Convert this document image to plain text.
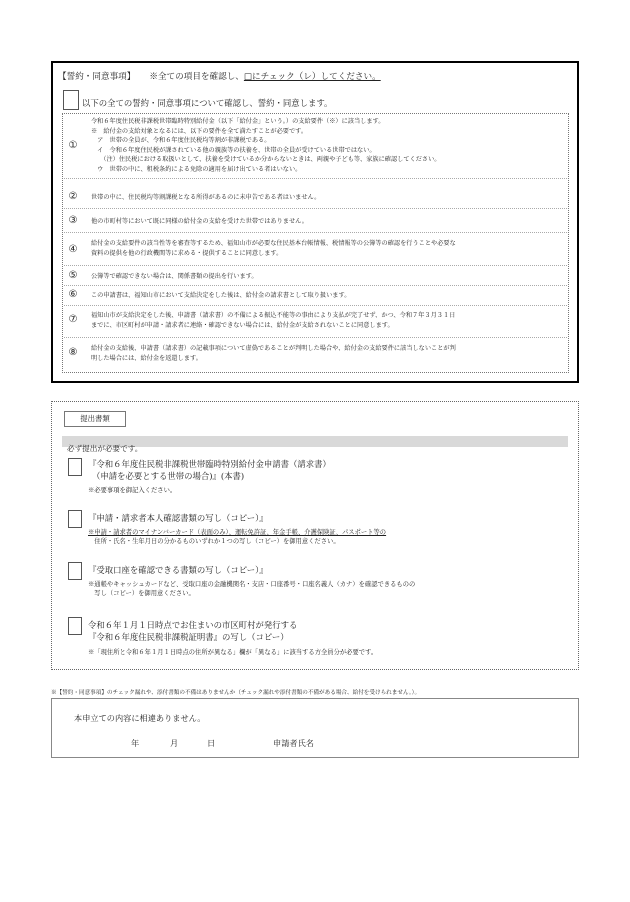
【誓約・同意事項】 ※全ての項目を確認し、□にチェック（レ）してください。
以下の全ての誓約・同意事項について確認し、誓約・同意します。
①
令和６年度住民税非課税世帯臨時特別給付金（以下「給付金」という。）の支給要件（※）に該当します。
※　給付金の支給対象となるには、以下の要件を全て満たすことが必要です。
　ア　世帯の全員が、令和６年度住民税均等割が非課税である。
　イ　令和６年度住民税が課されている他の親族等の扶養を、世帯の全員が受けている世帯ではない。
　　（注）住民税における取扱いとして、扶養を受けているか分からないときは、両親や子ども等、家族に確認してください。
　ウ　世帯の中に、租税条約による免除の適用を届け出ている者はいない。
②	世帯の中に、住民税均等割課税となる所得があるのに未申告である者はいません。
③	他の市町村等において既に同様の給付金の支給を受けた世帯ではありません。
④
給付金の支給要件の該当性等を審査等するため、福知山市が必要な住民基本台帳情報、税情報等の公簿等の確認を行うことや必要な
資料の提供を他の行政機関等に求める・提供することに同意します。
⑤	公簿等で確認できない場合は、関係書類の提出を行います。
⑥	この申請書は、福知山市において支給決定をした後は、給付金の請求書として取り扱います。
⑦	福知山市が支給決定をした後、申請書（請求書）の不備による振込不能等の事由により支払が完了せず、かつ、令和７年３月３１日
までに、市区町村が申請・請求者に連絡・確認できない場合には、給付金が支給されないことに同意します。
⑧	給付金の支給後、申請書（請求書）の記載事項について虚偽であることが判明した場合や、給付金の支給要件に該当しないことが判
明した場合には、給付金を返還します。
提出書類
必ず提出が必要です。
『令和６年度住民税非課税世帯臨時特別給付金申請書（請求書）
（申請を必要とする世帯の場合)』(本書)
※必要事項を御記入ください。
『申請・請求者本人確認書類の写し（コピー）』
※申請・請求者のマイナンバーカード（表面のみ）、運転免許証、年金手帳、介護保険証、パスポート等の
　住所・氏名・生年月日の分かるものいずれか１つの写し（コピー）を御用意ください。
『受取口座を確認できる書類の写し（コピー）』
※通帳やキャッシュカードなど、受取口座の金融機関名・支店・口座番号・口座名義人（カナ）を確認できるものの
　写し（コピー）を御用意ください。
令和６年１月１日時点でお住まいの市区町村が発行する
『令和６年度住民税非課税証明書』の写し（コピー）
※「現住所と令和６年１月１日時点の住所が異なる」欄が「異なる」に該当する方全員分が必要です。
※【誓約・同意事項】のチェック漏れや、添付書類の不備はありませんか（チェック漏れや添付書類の不備がある場合、給付を受けられません。）。
本申立ての内容に相違ありません。
年	月	日	申請者氏名
